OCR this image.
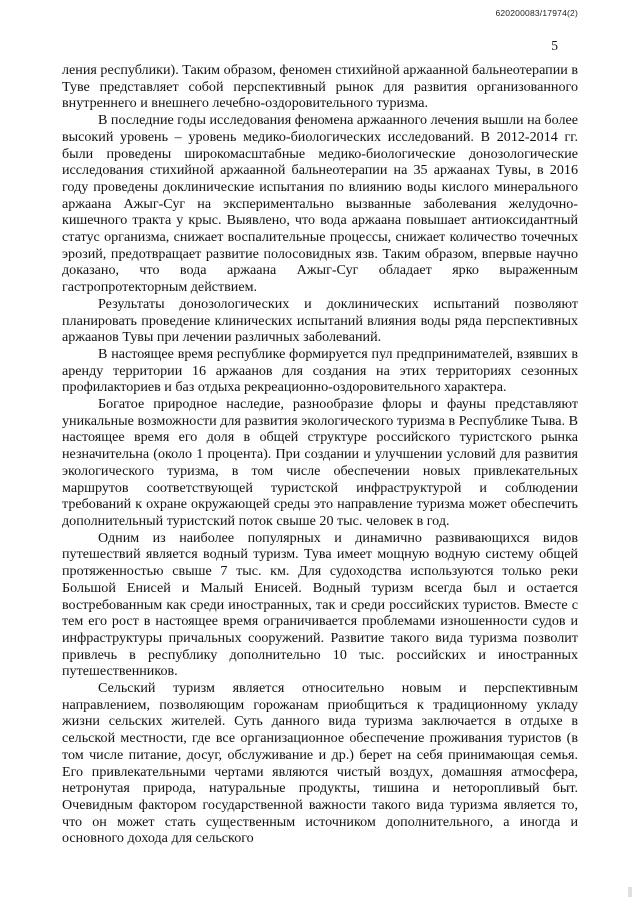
620200083/17974(2)
5

ления республики). Таким образом, феномен стихийной аржаанной бальнеотерапии в Туве представляет собой перспективный рынок для развития организованного внутреннего и внешнего лечебно-оздоровительного туризма.

В последние годы исследования феномена аржаанного лечения вышли на более высокий уровень – уровень медико-биологических исследований. В 2012-2014 гг. были проведены широкомасштабные медико-биологические донозологические исследования стихийной аржаанной бальнеотерапии на 35 аржаанах Тувы, в 2016 году проведены доклинические испытания по влиянию воды кислого минерального аржаана Ажыг-Суг на экспериментально вызванные заболевания желудочно-кишечного тракта у крыс. Выявлено, что вода аржаана повышает антиоксидантный статус организма, снижает воспалительные процессы, снижает количество точечных эрозий, предотвращает развитие полосовидных язв. Таким образом, впервые научно доказано, что вода аржаана Ажыг-Суг обладает ярко выраженным гастропротекторным действием.

Результаты донозологических и доклинических испытаний позволяют планировать проведение клинических испытаний влияния воды ряда перспективных аржаанов Тувы при лечении различных заболеваний.

В настоящее время республике формируется пул предпринимателей, взявших в аренду территории 16 аржаанов для создания на этих территориях сезонных профилакториев и баз отдыха рекреационно-оздоровительного характера.

Богатое природное наследие, разнообразие флоры и фауны представляют уникальные возможности для развития экологического туризма в Республике Тыва. В настоящее время его доля в общей структуре российского туристского рынка незначительна (около 1 процента). При создании и улучшении условий для развития экологического туризма, в том числе обеспечении новых привлекательных маршрутов соответствующей туристской инфраструктурой и соблюдении требований к охране окружающей среды это направление туризма может обеспечить дополнительный туристский поток свыше 20 тыс. человек в год.

Одним из наиболее популярных и динамично развивающихся видов путешествий является водный туризм. Тува имеет мощную водную систему общей протяженностью свыше 7 тыс. км. Для судоходства используются только реки Большой Енисей и Малый Енисей. Водный туризм всегда был и остается востребованным как среди иностранных, так и среди российских туристов. Вместе с тем его рост в настоящее время ограничивается проблемами изношенности судов и инфраструктуры причальных сооружений. Развитие такого вида туризма позволит привлечь в республику дополнительно 10 тыс. российских и иностранных путешественников.

Сельский туризм является относительно новым и перспективным направлением, позволяющим горожанам приобщиться к традиционному укладу жизни сельских жителей. Суть данного вида туризма заключается в отдыхе в сельской местности, где все организационное обеспечение проживания туристов (в том числе питание, досуг, обслуживание и др.) берет на себя принимающая семья. Его привлекательными чертами являются чистый воздух, домашняя атмосфера, нетронутая природа, натуральные продукты, тишина и неторопливый быт. Очевидным фактором государственной важности такого вида туризма является то, что он может стать существенным источником дополнительного, а иногда и основного дохода для сельского
